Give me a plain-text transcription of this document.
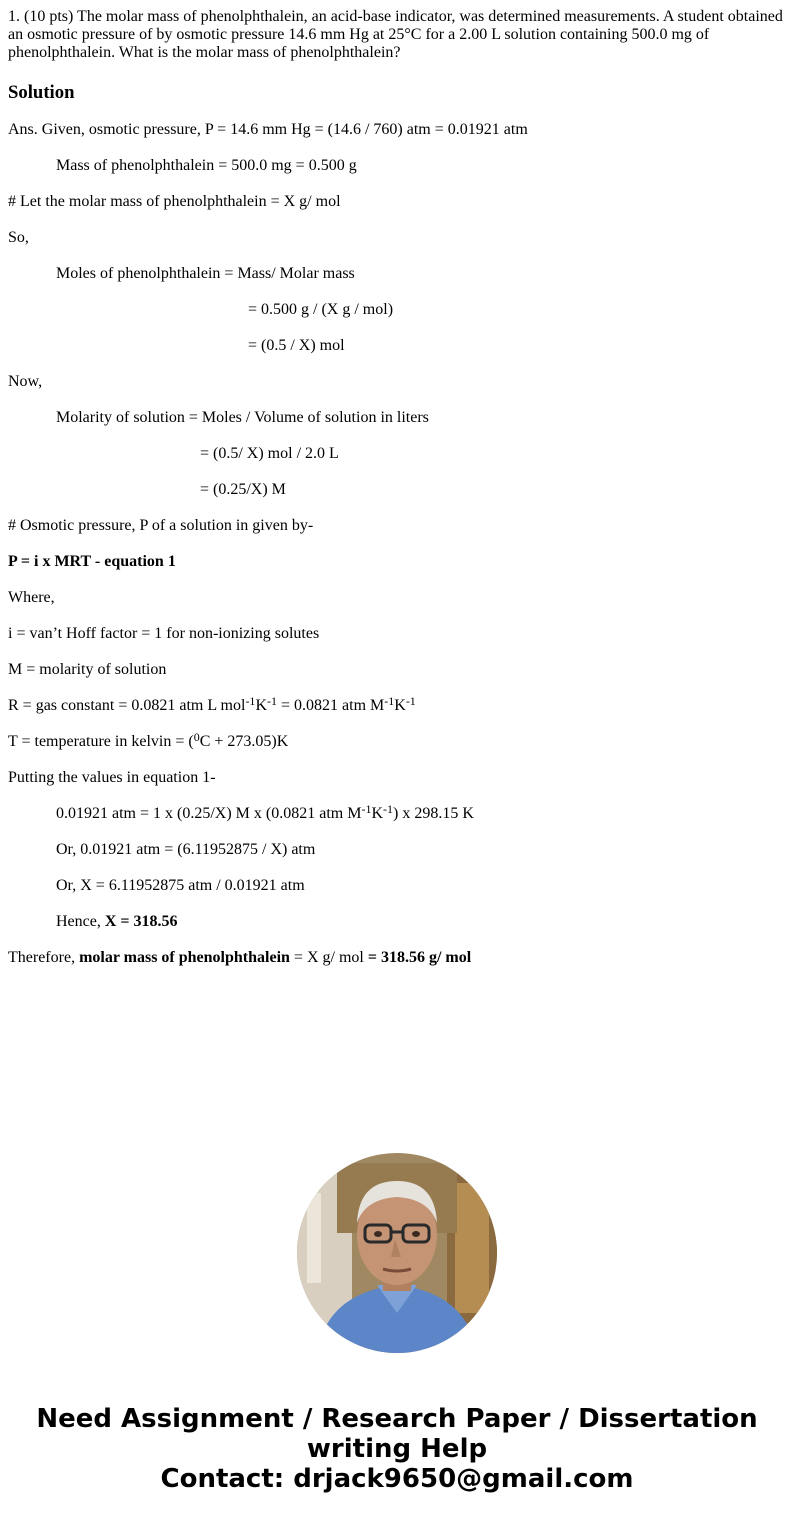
1. (10 pts) The molar mass of phenolphthalein, an acid-base indicator, was determined measurements. A student obtained an osmotic pressure of by osmotic pressure 14.6 mm Hg at 25°C for a 2.00 L solution containing 500.0 mg of phenolphthalein. What is the molar mass of phenolphthalein?

Solution

Ans. Given, osmotic pressure, P = 14.6 mm Hg = (14.6 / 760) atm = 0.01921 atm

Mass of phenolphthalein = 500.0 mg = 0.500 g

# Let the molar mass of phenolphthalein = X g/ mol

So,

Moles of phenolphthalein = Mass/ Molar mass

= 0.500 g / (X g / mol)

= (0.5 / X) mol

Now,

Molarity of solution = Moles / Volume of solution in liters

= (0.5/ X) mol / 2.0 L

= (0.25/X) M

# Osmotic pressure, P of a solution in given by-

P = i x MRT - equation 1

Where,

i = van’t Hoff factor = 1 for non-ionizing solutes

M = molarity of solution

R = gas constant = 0.0821 atm L $mol^{-1}K^{-1} = 0.0821$ atm $M^{-1}K^{-1}$

T = temperature in kelvin = ($^0$C + 273.05)K

Putting the values in equation 1-

0.01921 atm = 1 x (0.25/X) M x (0.0821 atm $M^{-1}K^{-1}$) x 298.15 K

Or, 0.01921 atm = (6.11952875 / X) atm

Or, X = 6.11952875 atm / 0.01921 atm

Hence, X = 318.56

Therefore, molar mass of phenolphthalein = X g/ mol = 318.56 g/ mol

Need Assignment / Research Paper / Dissertation
writing Help
Contact: drjack9650@gmail.com
